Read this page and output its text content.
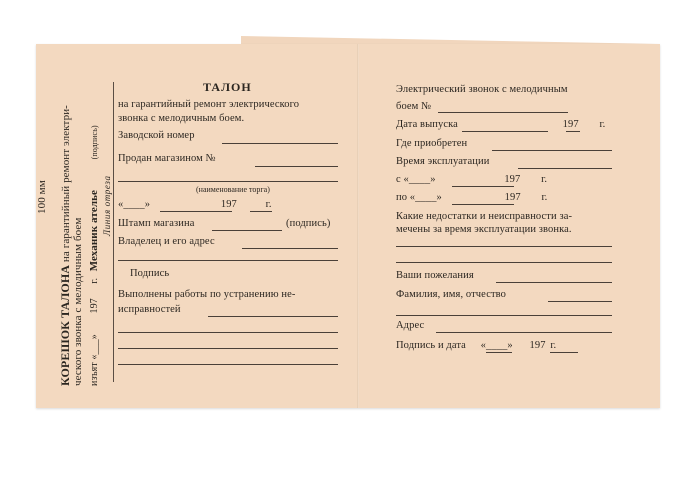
100 мм
КОРЕШОК ТАЛОНА на гарантийный ремонт электри-
ческого звонка с мелодичным боем изъят «___» 197 г. Механик ателье (подпись)
Линия отреза
ТАЛОН
на гарантийный ремонт электрического
звонка с мелодичным боем.
Заводской номер
Продан магазином №
(наименование торга)
«____»	197	г.
Штамп магазина	(подпись)
Владелец и его адрес
Подпись
Выполнены работы по устранению не-
исправностей
Электрический звонок с мелодичным
боем №
Дата выпуска	197 г.
Где приобретен
Время эксплуатации
с «____»	197 г.
по «____»	197 г.
Какие недостатки и неисправности за-
мечены за время эксплуатации звонка.
Ваши пожелания
Фамилия, имя, отчество
Адрес
Подпись и дата «____» 197 г.
